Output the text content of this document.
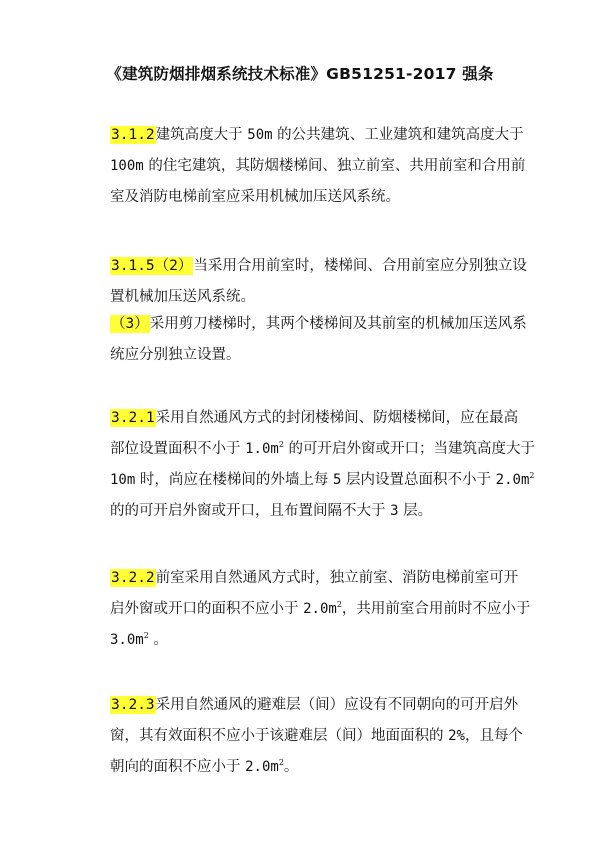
《建筑防烟排烟系统技术标准》GB51251-2017 强条
3.1.2建筑高度大于 50m 的公共建筑、工业建筑和建筑高度大于
100m 的住宅建筑，其防烟楼梯间、独立前室、共用前室和合用前
室及消防电梯前室应采用机械加压送风系统。
3.1.5（2）当采用合用前室时，楼梯间、合用前室应分别独立设
置机械加压送风系统。
（3）采用剪刀楼梯时，其两个楼梯间及其前室的机械加压送风系
统应分别独立设置。
3.2.1采用自然通风方式的封闭楼梯间、防烟楼梯间，应在最高
部位设置面积不小于 $1.0m^2$ 的可开启外窗或开口；当建筑高度大于
10m 时，尚应在楼梯间的外墙上每 5 层内设置总面积不小于 $2.0m^2$
的的可开启外窗或开口，且布置间隔不大于 3 层。
3.2.2前室采用自然通风方式时，独立前室、消防电梯前室可开
启外窗或开口的面积不应小于 $2.0m^2$，共用前室合用前时不应小于
$3.0m^2$ 。
3.2.3采用自然通风的避难层（间）应设有不同朝向的可开启外
窗，其有效面积不应小于该避难层（间）地面面积的 2%，且每个
朝向的面积不应小于 $2.0m^2$。
